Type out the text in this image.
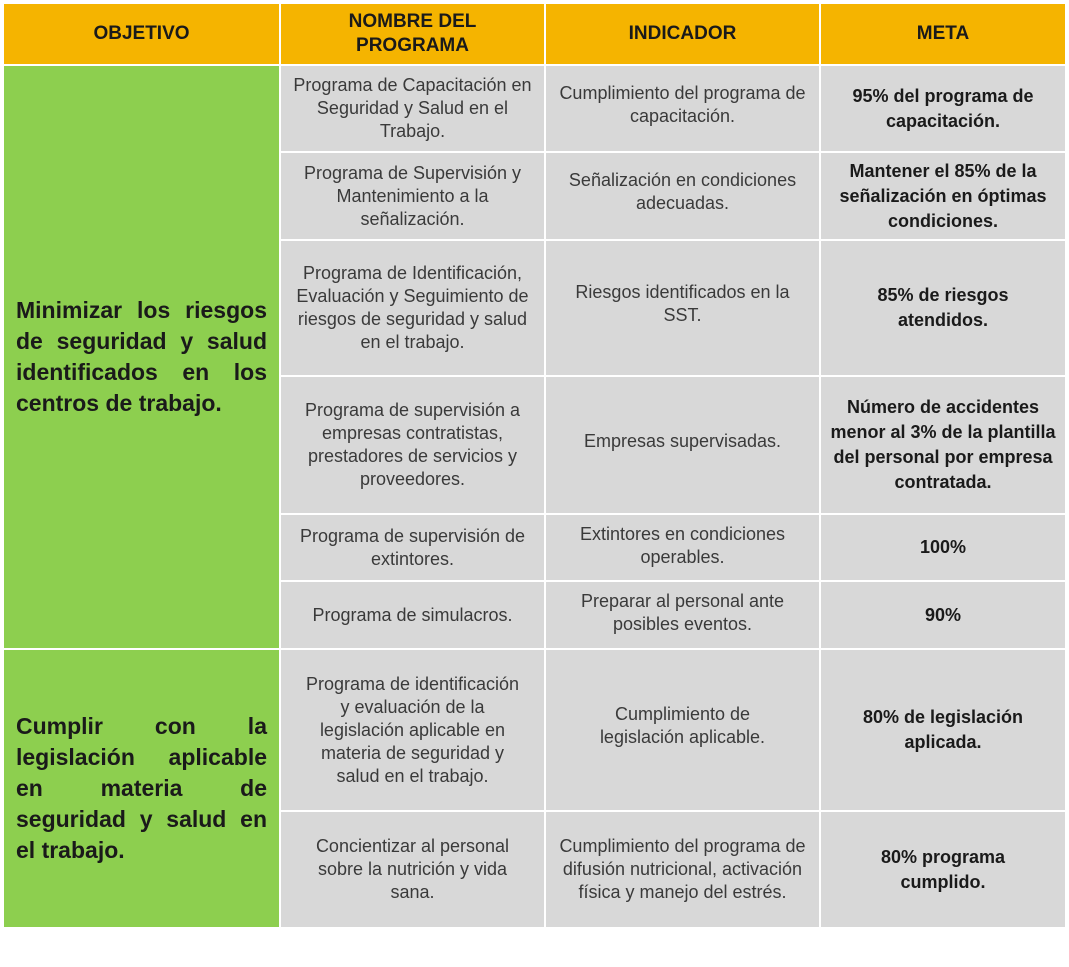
OBJETIVO	NOMBRE DEL PROGRAMA	INDICADOR	META
Minimizar los riesgos de seguridad y salud identificados en los centros de trabajo.	Programa de Capacitación en Seguridad y Salud en el Trabajo.	Cumplimiento del programa de capacitación.	95% del programa de capacitación.
	Programa de Supervisión y Mantenimiento a la señalización.	Señalización en condiciones adecuadas.	Mantener el 85% de la señalización en óptimas condiciones.
	Programa de Identificación, Evaluación y Seguimiento de riesgos de seguridad y salud en el trabajo.	Riesgos identificados en la SST.	85% de riesgos atendidos.
	Programa de supervisión a empresas contratistas, prestadores de servicios y proveedores.	Empresas supervisadas.	Número de accidentes menor al 3% de la plantilla del personal por empresa contratada.
	Programa de supervisión de extintores.	Extintores en condiciones operables.	100%
	Programa de simulacros.	Preparar al personal ante posibles eventos.	90%
Cumplir con la legislación aplicable en materia de seguridad y salud en el trabajo.	Programa de identificación y evaluación de la legislación aplicable en materia de seguridad y salud en el trabajo.	Cumplimiento de legislación aplicable.	80% de legislación aplicada.
	Concientizar al personal sobre la nutrición y vida sana.	Cumplimiento del programa de difusión nutricional, activación física y manejo del estrés.	80% programa cumplido.
